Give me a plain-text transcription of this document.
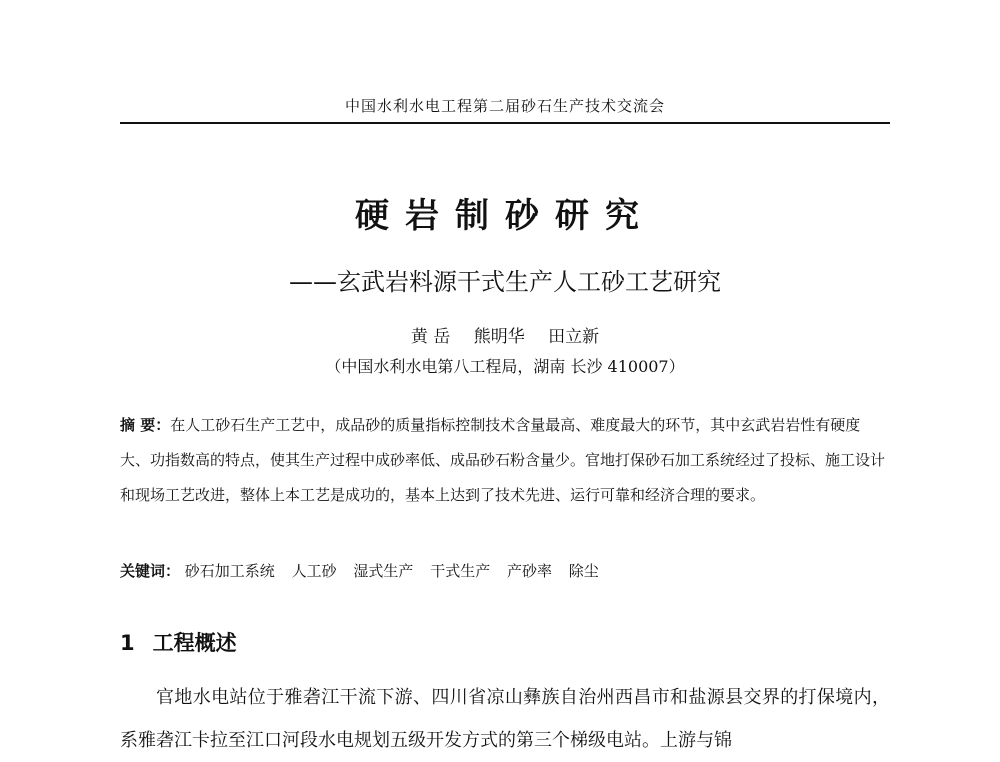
中国水利水电工程第二届砂石生产技术交流会
硬岩制砂研究
——玄武岩料源干式生产人工砂工艺研究
黄 岳 熊明华 田立新
（中国水利水电第八工程局，湖南 长沙 410007）
摘 要：在人工砂石生产工艺中，成品砂的质量指标控制技术含量最高、难度最大的环节，其中玄武岩岩性有硬度大、功指数高的特点，使其生产过程中成砂率低、成品砂石粉含量少。官地打保砂石加工系统经过了投标、施工设计和现场工艺改进，整体上本工艺是成功的，基本上达到了技术先进、运行可靠和经济合理的要求。
关键词： 砂石加工系统 人工砂 湿式生产 干式生产 产砂率 除尘
1 工程概述
官地水电站位于雅砻江干流下游、四川省凉山彝族自治州西昌市和盐源县交界的打保境内，系雅砻江卡拉至江口河段水电规划五级开发方式的第三个梯级电站。上游与锦
